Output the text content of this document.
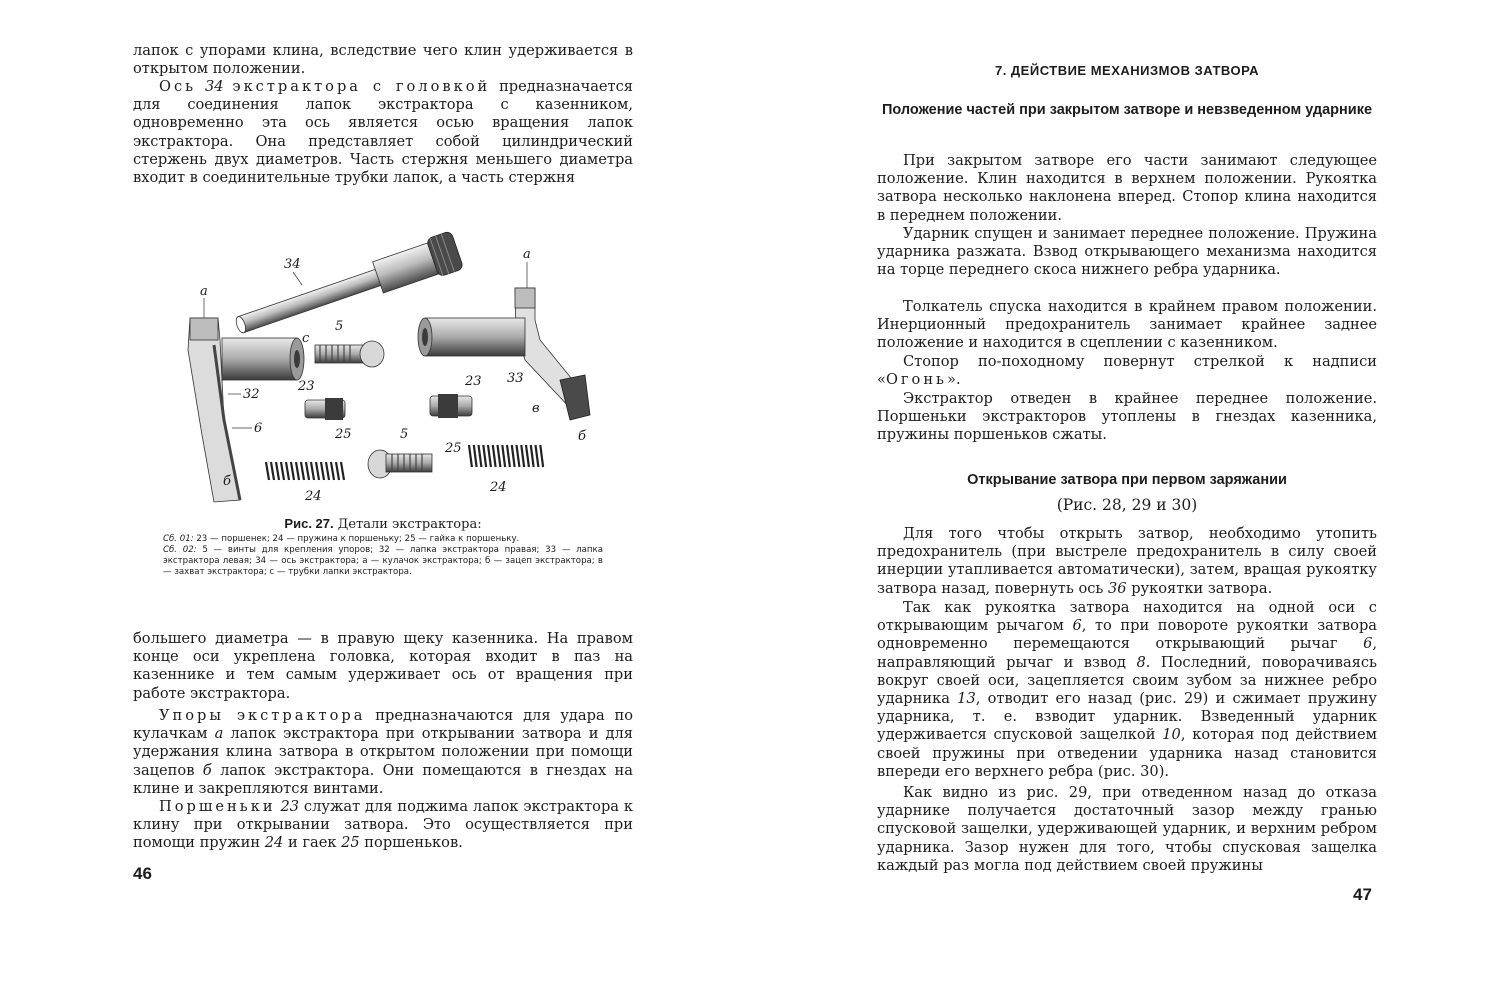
лапок с упорами клина, вследствие чего клин удерживается в открытом положении.

Ось 34 экстрактора с головкой предназначается для соединения лапок экстрактора с казенником, одновременно эта ось является осью вращения лапок экстрактора. Она представляет собой цилиндрический стержень двух диаметров. Часть стержня меньшего диаметра входит в соединительные трубки лапок, а часть стержня

34
a
a
с
5
5
23	23
25
25
24
24
32
33
6
в
б
б

Рис. 27. Детали экстрактора:

Сб. 01: 23 — поршенек; 24 — пружина к поршеньку; 25 — гайка к поршеньку.
Сб. 02: 5 — винты для крепления упоров; 32 — лапка экстрактора правая; 33 — лапка экстрактора левая; 34 — ось экстрактора; а — кулачок экстрактора; б — зацеп экстрактора; в — захват экстрактора; с — трубки лапки экстрактора.

большего диаметра — в правую щеку казенника. На правом конце оси укреплена головка, которая входит в паз на казеннике и тем самым удерживает ось от вращения при работе экстрактора.

Упоры экстрактора предназначаются для удара по кулачкам а лапок экстрактора при открывании затвора и для удержания клина затвора в открытом положении при помощи зацепов б лапок экстрактора. Они помещаются в гнездах на клине и закрепляются винтами.

Поршеньки 23 служат для поджима лапок экстрактора к клину при открывании затвора. Это осуществляется при помощи пружин 24 и гаек 25 поршеньков.

46

7. ДЕЙСТВИЕ МЕХАНИЗМОВ ЗАТВОРА

Положение частей при закрытом затворе и невзведенном ударнике

При закрытом затворе его части занимают следующее положение. Клин находится в верхнем положении. Рукоятка затвора несколько наклонена вперед. Стопор клина находится в переднем положении.

Ударник спущен и занимает переднее положение. Пружина ударника разжата. Взвод открывающего механизма находится на торце переднего скоса нижнего ребра ударника.

Толкатель спуска находится в крайнем правом положении. Инерционный предохранитель занимает крайнее заднее положение и находится в сцеплении с казенником.

Стопор по-походному повернут стрелкой к надписи «Огонь».

Экстрактор отведен в крайнее переднее положение. Поршеньки экстракторов утоплены в гнездах казенника, пружины поршеньков сжаты.

Открывание затвора при первом заряжании

(Рис. 28, 29 и 30)

Для того чтобы открыть затвор, необходимо утопить предохранитель (при выстреле предохранитель в силу своей инерции утапливается автоматически), затем, вращая рукоятку затвора назад, повернуть ось 36 рукоятки затвора.

Так как рукоятка затвора находится на одной оси с открывающим рычагом 6, то при повороте рукоятки затвора одновременно перемещаются открывающий рычаг 6, направляющий рычаг и взвод 8. Последний, поворачиваясь вокруг своей оси, зацепляется своим зубом за нижнее ребро ударника 13, отводит его назад (рис. 29) и сжимает пружину ударника, т. е. взводит ударник. Взведенный ударник удерживается спусковой защелкой 10, которая под действием своей пружины при отведении ударника назад становится впереди его верхнего ребра (рис. 30).

Как видно из рис. 29, при отведенном назад до отказа ударнике получается достаточный зазор между гранью спусковой защелки, удерживающей ударник, и верхним ребром ударника. Зазор нужен для того, чтобы спусковая защелка каждый раз могла под действием своей пружины

47
